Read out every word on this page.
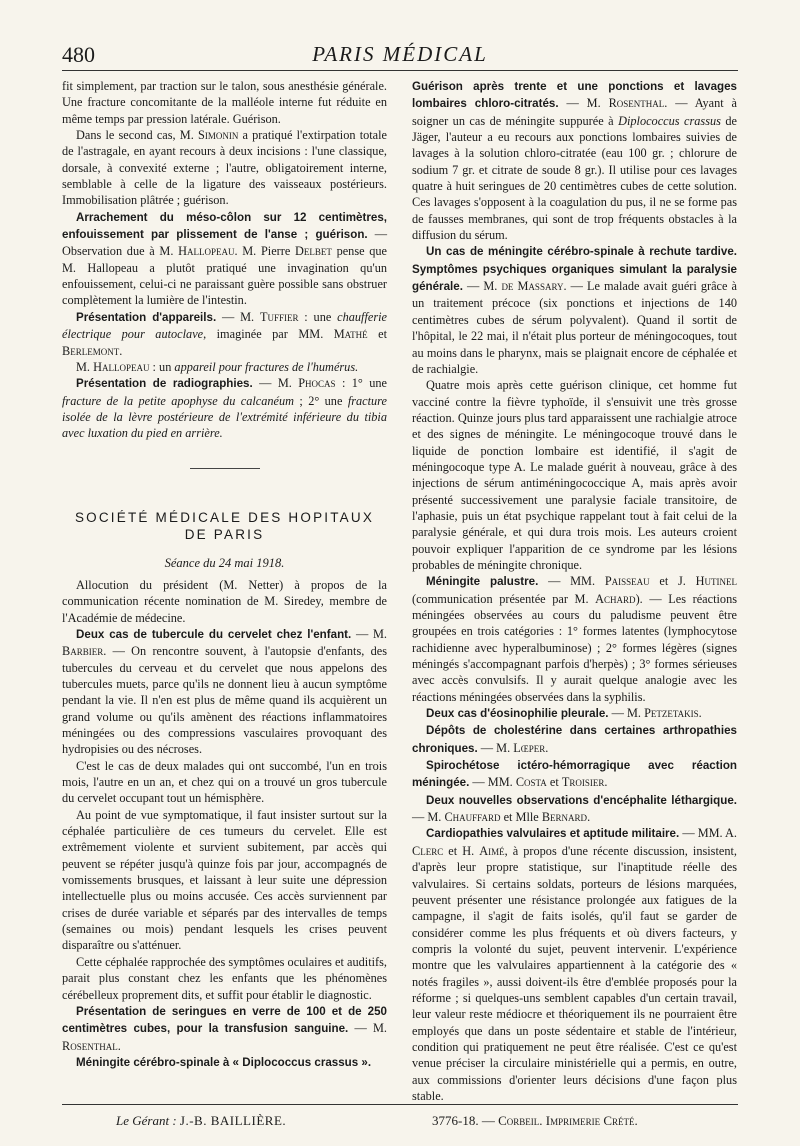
480	PARIS MÉDICAL

fit simplement, par traction sur le talon, sous anesthésie générale. Une fracture concomitante de la malléole interne fut réduite en même temps par pression latérale. Guérison.

Dans le second cas, M. Simonin a pratiqué l'extirpation totale de l'astragale, en ayant recours à deux incisions : l'une classique, dorsale, à convexité externe ; l'autre, obligatoirement interne, semblable à celle de la ligature des vaisseaux postérieurs. Immobilisation plâtrée ; guérison.

Arrachement du méso-côlon sur 12 centimètres, enfouissement par plissement de l'anse ; guérison. — Observation due à M. Hallopeau. M. Pierre Delbet pense que M. Hallopeau a plutôt pratiqué une invagination qu'un enfouissement, celui-ci ne paraissant guère possible sans obstruer complètement la lumière de l'intestin.

Présentation d'appareils. — M. Tuffier : une chaufferie électrique pour autoclave, imaginée par MM. Mathé et Berlemont.

M. Hallopeau : un appareil pour fractures de l'humérus.

Présentation de radiographies. — M. Phocas : 1° une fracture de la petite apophyse du calcanéum ; 2° une fracture isolée de la lèvre postérieure de l'extrémité inférieure du tibia avec luxation du pied en arrière.

SOCIÉTÉ MÉDICALE DES HOPITAUX DE PARIS
Séance du 24 mai 1918.

Allocution du président (M. Netter) à propos de la communication récente nomination de M. Siredey, membre de l'Académie de médecine.

Deux cas de tubercule du cervelet chez l'enfant. — M. Barbier. — On rencontre souvent, à l'autopsie d'enfants, des tubercules du cerveau et du cervelet que nous appelons des tubercules muets, parce qu'ils ne donnent lieu à aucun symptôme pendant la vie. Il n'en est plus de même quand ils acquièrent un grand volume ou qu'ils amènent des réactions inflammatoires méningées ou des compressions vasculaires provoquant des hydropisies ou des nécroses.

C'est le cas de deux malades qui ont succombé, l'un en trois mois, l'autre en un an, et chez qui on a trouvé un gros tubercule du cervelet occupant tout un hémisphère.

Au point de vue symptomatique, il faut insister surtout sur la céphalée particulière de ces tumeurs du cervelet. Elle est extrêmement violente et survient subitement, par accès qui peuvent se répéter jusqu'à quinze fois par jour, accompagnés de vomissements brusques, et laissant à leur suite une dépression intellectuelle plus ou moins accusée. Ces accès surviennent par crises de durée variable et séparés par des intervalles de temps (semaines ou mois) pendant lesquels les crises peuvent disparaître ou s'atténuer.

Cette céphalée rapprochée des symptômes oculaires et auditifs, parait plus constant chez les enfants que les phénomènes cérébelleux proprement dits, et suffit pour établir le diagnostic.

Présentation de seringues en verre de 100 et de 250 centimètres cubes, pour la transfusion sanguine. — M. Rosenthal.

Méningite cérébro-spinale à « Diplococcus crassus ».

Guérison après trente et une ponctions et lavages lombaires chloro-citratés. — M. Rosenthal. — Ayant à soigner un cas de méningite suppurée à Diplococcus crassus de Jäger, l'auteur a eu recours aux ponctions lombaires suivies de lavages à la solution chloro-citratée (eau 100 gr. ; chlorure de sodium 7 gr. et citrate de soude 8 gr.). Il utilise pour ces lavages quatre à huit seringues de 20 centimètres cubes de cette solution. Ces lavages s'opposent à la coagulation du pus, il ne se forme pas de fausses membranes, qui sont de trop fréquents obstacles à la diffusion du sérum.

Un cas de méningite cérébro-spinale à rechute tardive. Symptômes psychiques organiques simulant la paralysie générale. — M. de Massary. — Le malade avait guéri grâce à un traitement précoce (six ponctions et injections de 140 centimètres cubes de sérum polyvalent). Quand il sortit de l'hôpital, le 22 mai, il n'était plus porteur de méningocoques, tout au moins dans le pharynx, mais se plaignait encore de céphalée et de rachialgie.

Quatre mois après cette guérison clinique, cet homme fut vacciné contre la fièvre typhoïde, il s'ensuivit une très grosse réaction. Quinze jours plus tard apparaissent une rachialgie atroce et des signes de méningite. Le méningocoque trouvé dans le liquide de ponction lombaire est identifié, il s'agit de méningocoque type A. Le malade guérit à nouveau, grâce à des injections de sérum antiméningococcique A, mais après avoir présenté successivement une paralysie faciale transitoire, de l'aphasie, puis un état psychique rappelant tout à fait celui de la paralysie générale, et qui dura trois mois. Les auteurs croient pouvoir expliquer l'apparition de ce syndrome par les lésions probables de méningite chronique.

Méningite palustre. — MM. Paisseau et J. Hutinel (communication présentée par M. Achard). — Les réactions méningées observées au cours du paludisme peuvent être groupées en trois catégories : 1° formes latentes (lymphocytose rachidienne avec hyperalbuminose) ; 2° formes légères (signes méningés s'accompagnant parfois d'herpès) ; 3° formes sérieuses avec accès convulsifs. Il y aurait quelque analogie avec les réactions méningées observées dans la syphilis.

Deux cas d'éosinophilie pleurale. — M. Petzetakis.

Dépôts de cholestérine dans certaines arthropathies chroniques. — M. Lœper.

Spirochétose ictéro-hémorragique avec réaction méningée. — MM. Costa et Troisier.

Deux nouvelles observations d'encéphalite léthargique. — M. Chauffard et Mlle Bernard.

Cardiopathies valvulaires et aptitude militaire. — MM. A. Clerc et H. Aimé, à propos d'une récente discussion, insistent, d'après leur propre statistique, sur l'inaptitude réelle des valvulaires. Si certains soldats, porteurs de lésions marquées, peuvent présenter une résistance prolongée aux fatigues de la campagne, il s'agit de faits isolés, qu'il faut se garder de considérer comme les plus fréquents et où divers facteurs, y compris la volonté du sujet, peuvent intervenir. L'expérience montre que les valvulaires appartiennent à la catégorie des « notés fragiles », aussi doivent-ils être d'emblée proposés pour la réforme ; si quelques-uns semblent capables d'un certain travail, leur valeur reste médiocre et théoriquement ils ne pourraient être employés que dans un poste sédentaire et stable de l'intérieur, condition qui pratiquement ne peut être réalisée. C'est ce qu'est venue préciser la circulaire ministérielle qui a permis, en outre, aux commissions d'orienter leurs décisions d'une façon plus stable.

Le Gérant : J.-B. BAILLIÈRE.	3776-18. — Corbeil. Imprimerie Crété.
